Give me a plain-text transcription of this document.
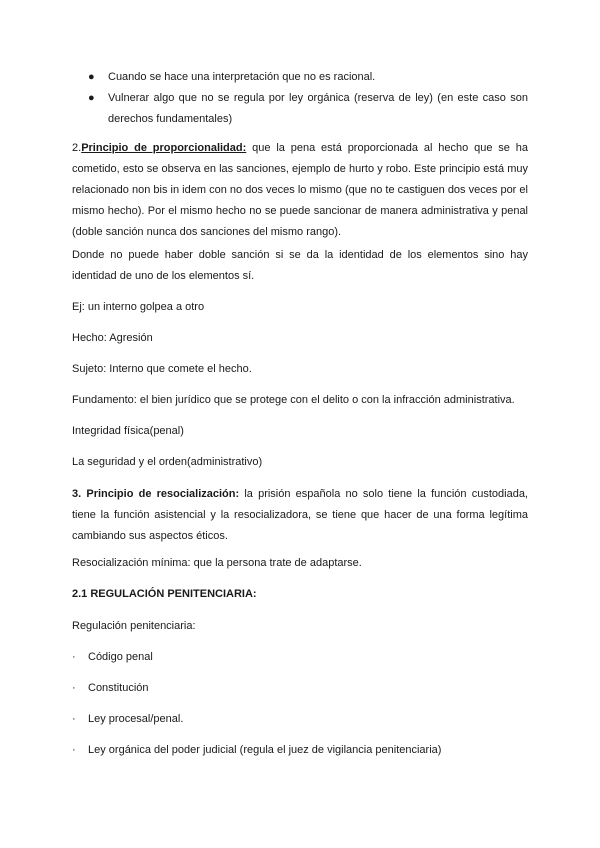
●	Cuando se hace una interpretación que no es racional.
●	Vulnerar algo que no se regula por ley orgánica (reserva de ley) (en este caso son derechos fundamentales)

2.Principio de proporcionalidad: que la pena está proporcionada al hecho que se ha cometido, esto se observa en las sanciones, ejemplo de hurto y robo. Este principio está muy relacionado non bis in idem con no dos veces lo mismo (que no te castiguen dos veces por el mismo hecho). Por el mismo hecho no se puede sancionar de manera administrativa y penal (doble sanción nunca dos sanciones del mismo rango).

Donde no puede haber doble sanción si se da la identidad de los elementos sino hay identidad de uno de los elementos sí.

Ej: un interno golpea a otro

Hecho: Agresión

Sujeto: Interno que comete el hecho.

Fundamento: el bien jurídico que se protege con el delito o con la infracción administrativa.

Integridad física(penal)

La seguridad y el orden(administrativo)

3. Principio de resocialización: la prisión española no solo tiene la función custodiada, tiene la función asistencial y la resocializadora, se tiene que hacer de una forma legítima cambiando sus aspectos éticos.

Resocialización mínima: que la persona trate de adaptarse.

2.1 REGULACIÓN PENITENCIARIA:

Regulación penitenciaria:

· Código penal
· Constitución
· Ley procesal/penal.
· Ley orgánica del poder judicial (regula el juez de vigilancia penitenciaria)
